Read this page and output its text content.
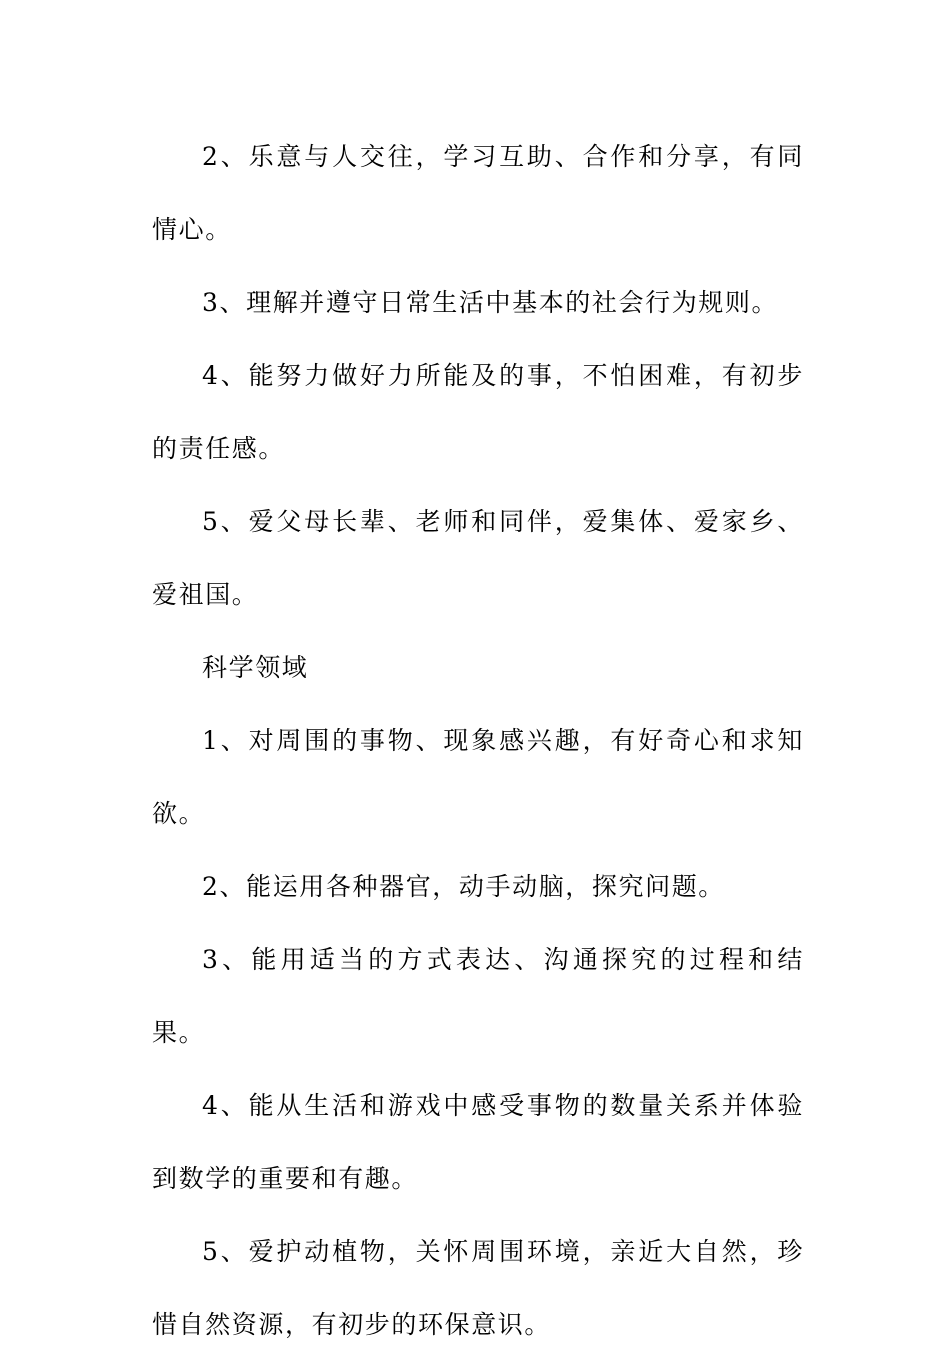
2、乐意与人交往，学习互助、合作和分享，有同情心。

3、理解并遵守日常生活中基本的社会行为规则。

4、能努力做好力所能及的事，不怕困难，有初步的责任感。

5、爱父母长辈、老师和同伴，爱集体、爱家乡、爱祖国。

科学领域

1、对周围的事物、现象感兴趣，有好奇心和求知欲。

2、能运用各种器官，动手动脑，探究问题。

3、能用适当的方式表达、沟通探究的过程和结果。

4、能从生活和游戏中感受事物的数量关系并体验到数学的重要和有趣。

5、爱护动植物，关怀周围环境，亲近大自然，珍惜自然资源，有初步的环保意识。
